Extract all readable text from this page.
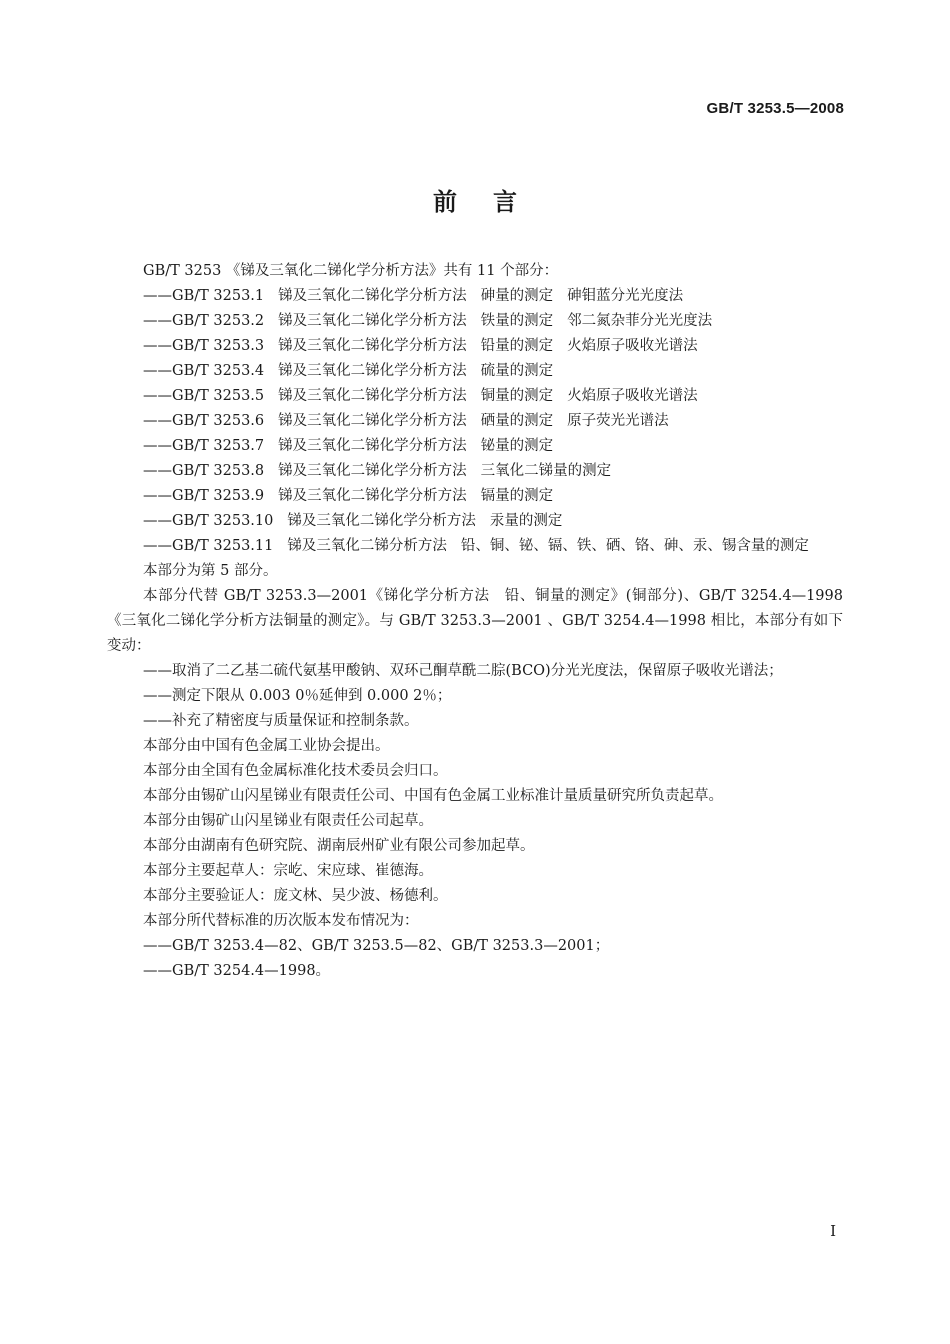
GB/T 3253.5—2008
前言

GB/T 3253 《锑及三氧化二锑化学分析方法》共有 11 个部分：

——GB/T 3253.1 锑及三氧化二锑化学分析方法 砷量的测定 砷钼蓝分光光度法

——GB/T 3253.2 锑及三氧化二锑化学分析方法 铁量的测定 邻二氮杂菲分光光度法

——GB/T 3253.3 锑及三氧化二锑化学分析方法 铅量的测定 火焰原子吸收光谱法

——GB/T 3253.4 锑及三氧化二锑化学分析方法 硫量的测定

——GB/T 3253.5 锑及三氧化二锑化学分析方法 铜量的测定 火焰原子吸收光谱法

——GB/T 3253.6 锑及三氧化二锑化学分析方法 硒量的测定 原子荧光光谱法

——GB/T 3253.7 锑及三氧化二锑化学分析方法 铋量的测定

——GB/T 3253.8 锑及三氧化二锑化学分析方法 三氧化二锑量的测定

——GB/T 3253.9 锑及三氧化二锑化学分析方法 镉量的测定

——GB/T 3253.10 锑及三氧化二锑化学分析方法 汞量的测定

——GB/T 3253.11 锑及三氧化二锑分析方法 铅、铜、铋、镉、铁、硒、铬、砷、汞、锡含量的测定

本部分为第 5 部分。

本部分代替 GB/T 3253.3—2001《锑化学分析方法　铅、铜量的测定》(铜部分)、GB/T 3254.4—1998《三氧化二锑化学分析方法铜量的测定》。与 GB/T 3253.3—2001 、GB/T 3254.4—1998 相比，本部分有如下变动：

——取消了二乙基二硫代氨基甲酸钠、双环己酮草酰二腙(BCO)分光光度法，保留原子吸收光谱法；

——测定下限从 0.003 0％延伸到 0.000 2％；

——补充了精密度与质量保证和控制条款。

本部分由中国有色金属工业协会提出。

本部分由全国有色金属标准化技术委员会归口。

本部分由锡矿山闪星锑业有限责任公司、中国有色金属工业标准计量质量研究所负责起草。

本部分由锡矿山闪星锑业有限责任公司起草。

本部分由湖南有色研究院、湖南辰州矿业有限公司参加起草。

本部分主要起草人：宗屹、宋应球、崔德海。

本部分主要验证人：庞文林、吴少波、杨德利。

本部分所代替标准的历次版本发布情况为：

——GB/T 3253.4—82、GB/T 3253.5—82、GB/T 3253.3—2001；

——GB/T 3254.4—1998。

I
